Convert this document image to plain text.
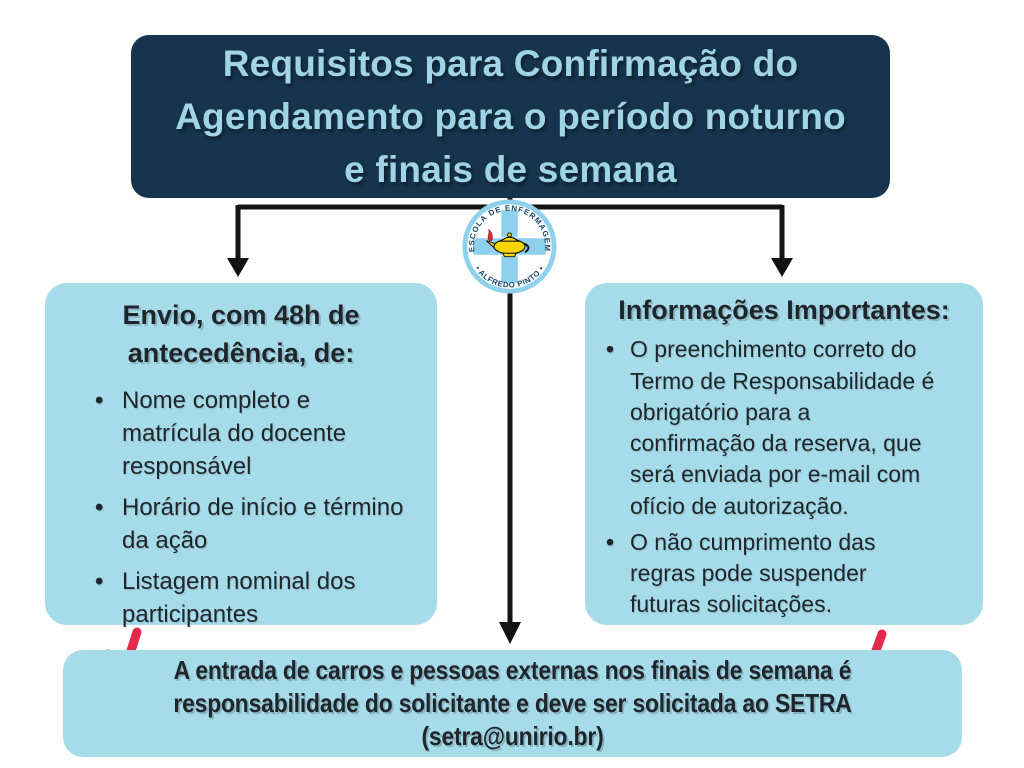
Requisitos para Confirmação do
Agendamento para o período noturno
e finais de semana
ESCOLA DE ENFERMAGEM
• ALFREDO PINTO •
Envio, com 48h de antecedência, de:
• Nome completo e matrícula do docente responsável
• Horário de início e término da ação
• Listagem nominal dos participantes
Informações Importantes:
• O preenchimento correto do Termo de Responsabilidade é obrigatório para a confirmação da reserva, que será enviada por e-mail com ofício de autorização.
• O não cumprimento das regras pode suspender futuras solicitações.
A entrada de carros e pessoas externas nos finais de semana é
responsabilidade do solicitante e deve ser solicitada ao SETRA
(setra@unirio.br)
